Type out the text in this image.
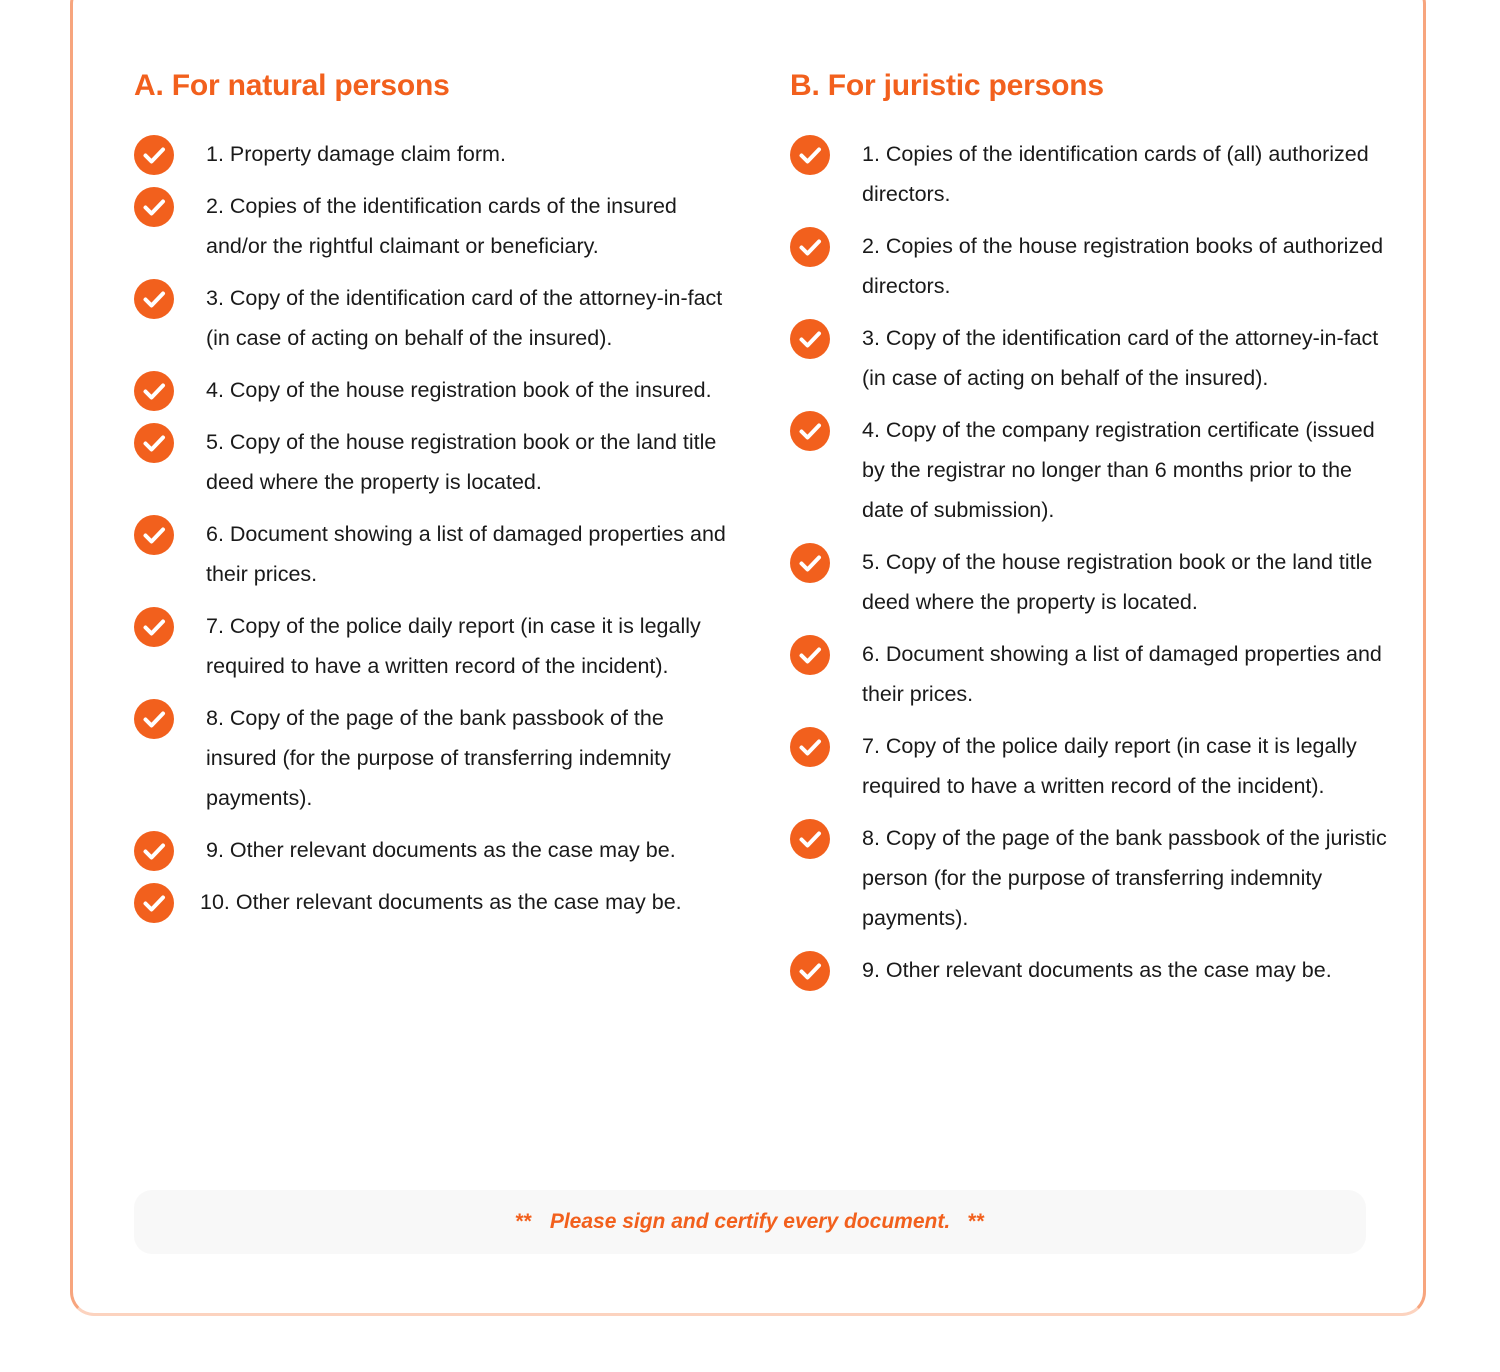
A. For natural persons
1. Property damage claim form.
2. Copies of the identification cards of the insured and/or the rightful claimant or beneficiary.
3. Copy of the identification card of the attorney-in-fact (in case of acting on behalf of the insured).
4. Copy of the house registration book of the insured.
5. Copy of the house registration book or the land title deed where the property is located.
6. Document showing a list of damaged properties and their prices.
7. Copy of the police daily report (in case it is legally required to have a written record of the incident).
8. Copy of the page of the bank passbook of the insured (for the purpose of transferring indemnity payments).
9. Other relevant documents as the case may be.
10. Other relevant documents as the case may be.
B. For juristic persons
1. Copies of the identification cards of (all) authorized directors.
2. Copies of the house registration books of authorized directors.
3. Copy of the identification card of the attorney-in-fact (in case of acting on behalf of the insured).
4. Copy of the company registration certificate (issued by the registrar no longer than 6 months prior to the date of submission).
5. Copy of the house registration book or the land title deed where the property is located.
6. Document showing a list of damaged properties and their prices.
7. Copy of the police daily report (in case it is legally required to have a written record of the incident).
8. Copy of the page of the bank passbook of the juristic person (for the purpose of transferring indemnity payments).
9. Other relevant documents as the case may be.
** Please sign and certify every document. **
